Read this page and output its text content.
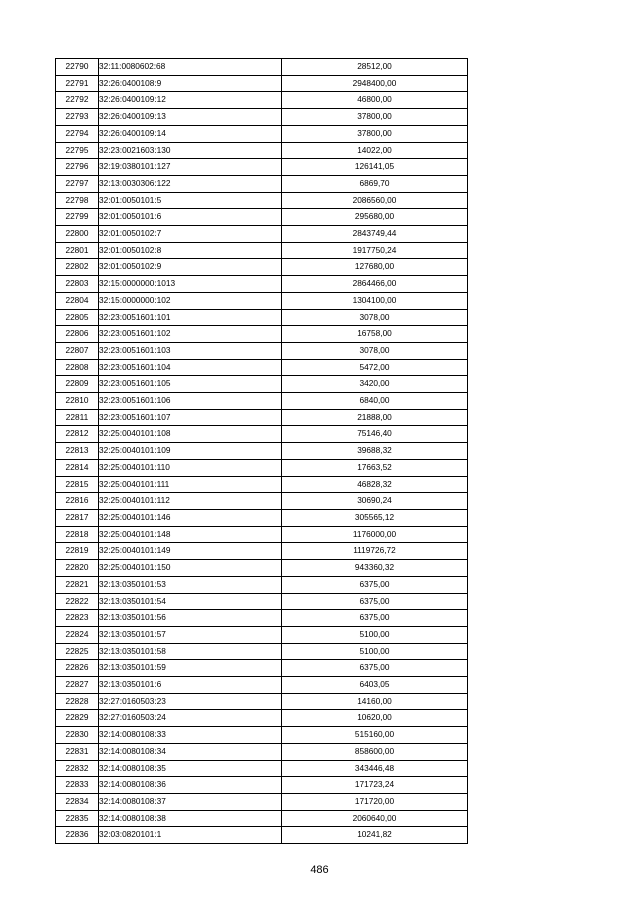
22790	32:11:0080602:68	28512,00
22791	32:26:0400108:9	2948400,00
22792	32:26:0400109:12	46800,00
22793	32:26:0400109:13	37800,00
22794	32:26:0400109:14	37800,00
22795	32:23:0021603:130	14022,00
22796	32:19:0380101:127	126141,05
22797	32:13:0030306:122	6869,70
22798	32:01:0050101:5	2086560,00
22799	32:01:0050101:6	295680,00
22800	32:01:0050102:7	2843749,44
22801	32:01:0050102:8	1917750,24
22802	32:01:0050102:9	127680,00
22803	32:15:0000000:1013	2864466,00
22804	32:15:0000000:102	1304100,00
22805	32:23:0051601:101	3078,00
22806	32:23:0051601:102	16758,00
22807	32:23:0051601:103	3078,00
22808	32:23:0051601:104	5472,00
22809	32:23:0051601:105	3420,00
22810	32:23:0051601:106	6840,00
22811	32:23:0051601:107	21888,00
22812	32:25:0040101:108	75146,40
22813	32:25:0040101:109	39688,32
22814	32:25:0040101:110	17663,52
22815	32:25:0040101:111	46828,32
22816	32:25:0040101:112	30690,24
22817	32:25:0040101:146	305565,12
22818	32:25:0040101:148	1176000,00
22819	32:25:0040101:149	1119726,72
22820	32:25:0040101:150	943360,32
22821	32:13:0350101:53	6375,00
22822	32:13:0350101:54	6375,00
22823	32:13:0350101:56	6375,00
22824	32:13:0350101:57	5100,00
22825	32:13:0350101:58	5100,00
22826	32:13:0350101:59	6375,00
22827	32:13:0350101:6	6403,05
22828	32:27:0160503:23	14160,00
22829	32:27:0160503:24	10620,00
22830	32:14:0080108:33	515160,00
22831	32:14:0080108:34	858600,00
22832	32:14:0080108:35	343446,48
22833	32:14:0080108:36	171723,24
22834	32:14:0080108:37	171720,00
22835	32:14:0080108:38	2060640,00
22836	32:03:0820101:1	10241,82
486
